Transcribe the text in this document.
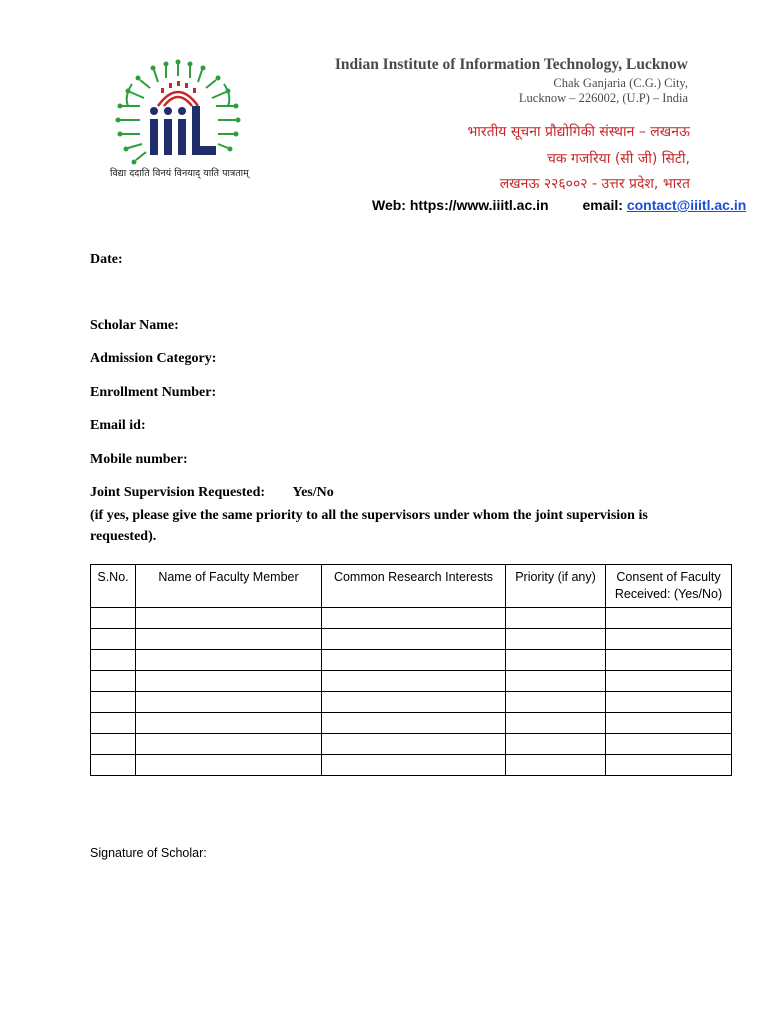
विद्या ददाति विनयं विनयाद् याति पात्रताम्
Indian Institute of Information Technology, Lucknow
Chak Ganjaria (C.G.) City,
Lucknow – 226002, (U.P) – India
भारतीय सूचना प्रौद्योगिकी संस्थान – लखनऊ
चक गजरिया (सी जी) सिटी,
लखनऊ २२६००२ - उत्तर प्रदेश, भारत
Web: https://www.iiitl.ac.in email: contact@iiitl.ac.in
Date:
Scholar Name:
Admission Category:
Enrollment Number:
Email id:
Mobile number:
Joint Supervision Requested: Yes/No
(if yes, please give the same priority to all the supervisors under whom the joint supervision is requested).
S.No.	Name of Faculty Member	Common Research Interests	Priority (if any)	Consent of Faculty Received: (Yes/No)

Signature of Scholar:
